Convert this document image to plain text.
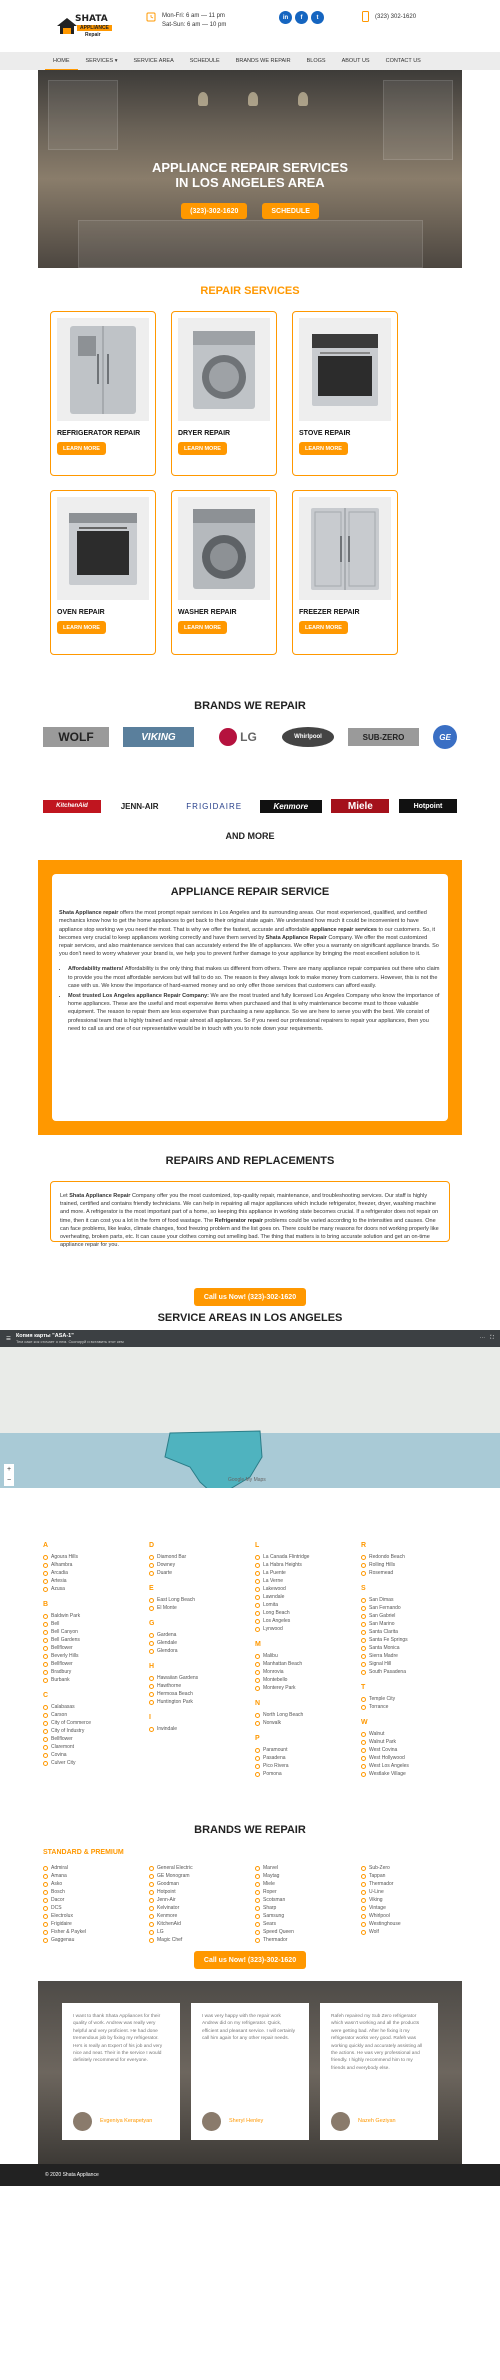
SHATA
APPLIANCE
Repair
Mon-Fri: 6 am — 11 pm
Sat-Sun: 6 am — 10 pm
in	f	t	(323) 302-1620
HOME	SERVICES ▾	SERVICE AREA	SCHEDULE	BRANDS WE REPAIR	BLOGS	ABOUT US	CONTACT US
APPLIANCE REPAIR SERVICES
IN LOS ANGELES AREA
(323)-302-1620	SCHEDULE
REPAIR SERVICES
REFRIGERATOR REPAIR
LEARN MORE
DRYER REPAIR
LEARN MORE
STOVE REPAIR
LEARN MORE
OVEN REPAIR
LEARN MORE
WASHER REPAIR
LEARN MORE
FREEZER REPAIR
LEARN MORE
BRANDS WE REPAIR
WOLF	VIKING	LG	Whirlpool	SUB-ZERO	GE
KitchenAid	JENN-AIR	FRIGIDAIRE	Kenmore	Miele	Hotpoint
AND MORE
APPLIANCE REPAIR SERVICE

Shata Appliance repair offers the most prompt repair services in Los Angeles and its surrounding areas. Our most experienced, qualified, and certified mechanics know how to get the home appliances to get back to their original state again. We understand how much it could be inconvenient to have appliance stop working we you need the most. That is why we offer the fastest, accurate and affordable appliance repair services to our customers. So, it becomes very crucial to keep appliances working correctly and have them served by Shata Appliance Repair Company. We offer the most customized repair services, and also maintenance services that can accurately extend the life of appliances. We offer you a warranty on significant appliance brands. So you don't need to worry whatever your brand is, we help you to prevent further damage to your appliance by bringing the most excellent solution to it.

• Affordability matters! Affordability is the only thing that makes us different from others. There are many appliance repair companies out there who claim to provide you the most affordable services but will fail to do so. The reason is they always look to make money from customers. However, this is not the case with us. We know the importance of hard-earned money and so only offer those services that customers can afford easily.
• Most trusted Los Angeles appliance Repair Company: We are the most trusted and fully licensed Los Angeles Company who know the importance of home appliances. These are the useful and most expensive items when purchased and that is why maintenance become must to those valuable equipment. The reason to repair them are less expensive than purchasing a new appliance. So we are here to serve you with the best. We consist of professional team that is highly trained and repair almost all appliances. So if you need our professional repairers to repair your appliances, then you need to call us and one of our representative would be in touch with you to note down your requirements.
REPAIRS AND REPLACEMENTS
Let Shata Appliance Repair Company offer you the most customized, top-quality repair, maintenance, and troubleshooting services. Our staff is highly trained, certified and contains friendly technicians. We can help in repairing all major appliances which include refrigerator, freezer, dryer, washing machine and more. A refrigerator is the most important part of a home, so keeping this appliance in working state becomes crucial. If a refrigerator does not repair on time, then it can cost you a lot in the form of food wastage. The Refrigerator repair problems could be varied according to the intensities and causes. One can face problems, like leaks, climate changes, food freezing problem and the list goes on. There could be many reasons for doors not working properly like overheating, broken parts, etc. It can cause your clothes coming out smelling bad. The thing that matters is to bring accurate solution and get an on-time appliance repair for you.
Call us Now! (323)-302-1620
SERVICE AREAS IN LOS ANGELES
☰ Копия карты "ASA-1"
Тем саке кок сточает о нем. Скопируй и вставить этот кем	⋯ ⛶
+
−	Google My Maps
A
Agoura Hills
Alhambra
Arcadia
Artesia
Azusa
B
Baldwin Park
Bell
Bell Canyon
Bell Gardens
Bellflower
Beverly Hills
Bellflower
Bradbury
Burbank
C
Calabasas
Carson
City of Commerce
City of Industry
Bellflower
Claremont
Covina
Culver City
D
Diamond Bar
Downey
Duarte
E
East Long Beach
El Monte
G
Gardena
Glendale
Glendora
H
Hawaiian Gardens
Hawthorne
Hermosa Beach
Huntington Park
I
Irwindale
L
La Canada Flintridge
La Habra Heights
La Puente
La Verne
Lakewood
Lawndale
Lomita
Long Beach
Los Angeles
Lynwood
M
Malibu
Manhattan Beach
Monrovia
Montebello
Monterey Park
N
North Long Beach
Norwalk
P
Paramount
Pasadena
Pico Rivera
Pomona
R
Redondo Beach
Rolling Hills
Rosemead
S
San Dimas
San Fernando
San Gabriel
San Marino
Santa Clarita
Santa Fe Springs
Santa Monica
Sierra Madre
Signal Hill
South Pasadena
T
Temple City
Torrance
W
Walnut
Walnut Park
West Covina
West Hollywood
West Los Angeles
Westlake Village
BRANDS WE REPAIR
STANDARD & PREMIUM
Admiral
Amana
Asko
Bosch
Dacor
DCS
Electrolux
Frigidaire
Fisher & Paykel
Gaggenau
General Electric
GE Monogram
Goodman
Hotpoint
Jenn-Air
Kelvinator
Kenmore
KitchenAid
LG
Magic Chef
Marvel
Maytag
Miele
Roper
Scotsman
Sharp
Samsung
Sears
Speed Queen
Thermador
Sub-Zero
Tappan
Thermador
U-Line
Viking
Vintage
Whirlpool
Westinghouse
Wolf
Call us Now! (323)-302-1620
I want to thank Shata Appliances for their quality of work. Andrew was really very helpful and very proficient. He had done tremendous job by fixing my refrigerator. He's is really an Expert of his job and very nice and neat. Their in the service I would definitely recommend for everyone.
Evgeniya Kerapetyan
I was very happy with the repair work Andrew did on my refrigerator. Quick, efficient and pleasant service. I will certainly call him again for any other repair needs.
Sheryl Henley
Rafeh repaired my Sub Zero refrigerator which wasn't working and all the products were getting bad. After he fixing it my refrigerator works very good. Rafeh was working quickly and accurately assisting all the actions. He was very professional and friendly. I highly recommend him to my friends and everybody else.
Nazeh Geziyan
© 2020 Shata Appliance
